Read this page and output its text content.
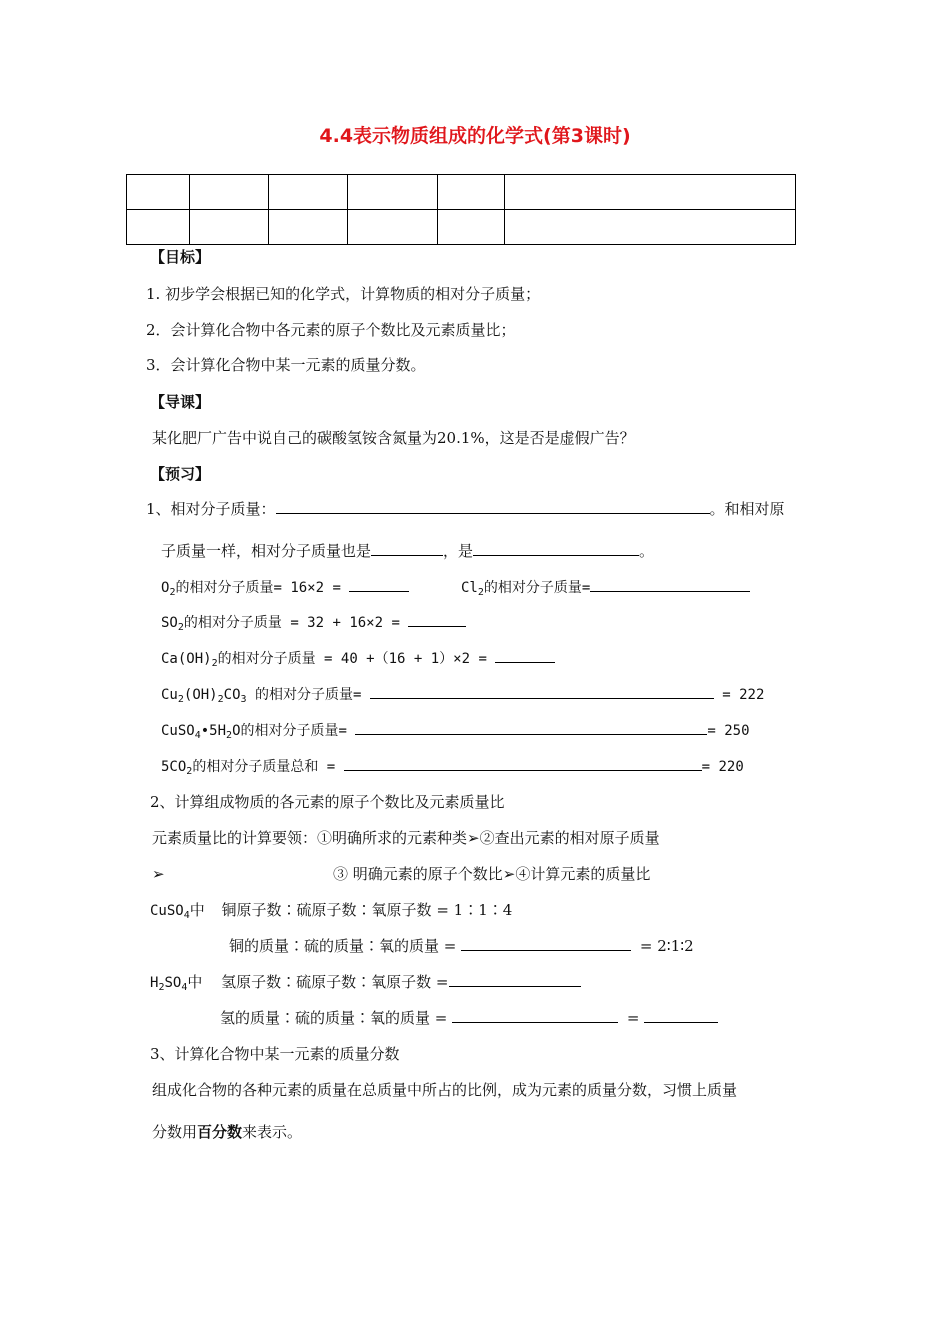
4.4表示物质组成的化学式(第3课时)

【目标】
1. 初步学会根据已知的化学式，计算物质的相对分子质量；
2．会计算化合物中各元素的原子个数比及元素质量比；
3．会计算化合物中某一元素的质量分数。
【导课】
某化肥厂广告中说自己的碳酸氢铵含氮量为20.1%，这是否是虚假广告？
【预习】
1、相对分子质量：	。和相对原
子质量一样，相对分子质量也是	，是	。
$O_2$的相对分子质量= 16×2 =	$Cl_2$的相对分子质量=
$SO_2$的相对分子质量 = 32 + 16×2 =
$Ca(OH)_2$的相对分子质量 = 40 +（16 + 1）×2 =
$Cu_2(OH)_2CO_3$ 的相对分子质量=	= 222
$CuSO_4•5H_2O$的相对分子质量=	= 250
$5CO_2$的相对分子质量总和 =	= 220
2、计算组成物质的各元素的原子个数比及元素质量比
元素质量比的计算要领：①明确所求的元素种类➢②查出元素的相对原子质量
➢	③ 明确元素的原子个数比➢④计算元素的质量比
CuSO$_4$中 铜原子数∶硫原子数∶氧原子数 = 1∶1∶4
铜的质量∶硫的质量∶氧的质量 =	= 2∶1∶2
$H_2SO_4$中 氢原子数∶硫原子数∶氧原子数 =
氢的质量∶硫的质量∶氧的质量 =	=
3、计算化合物中某一元素的质量分数
组成化合物的各种元素的质量在总质量中所占的比例，成为元素的质量分数，习惯上质量
分数用百分数来表示。
